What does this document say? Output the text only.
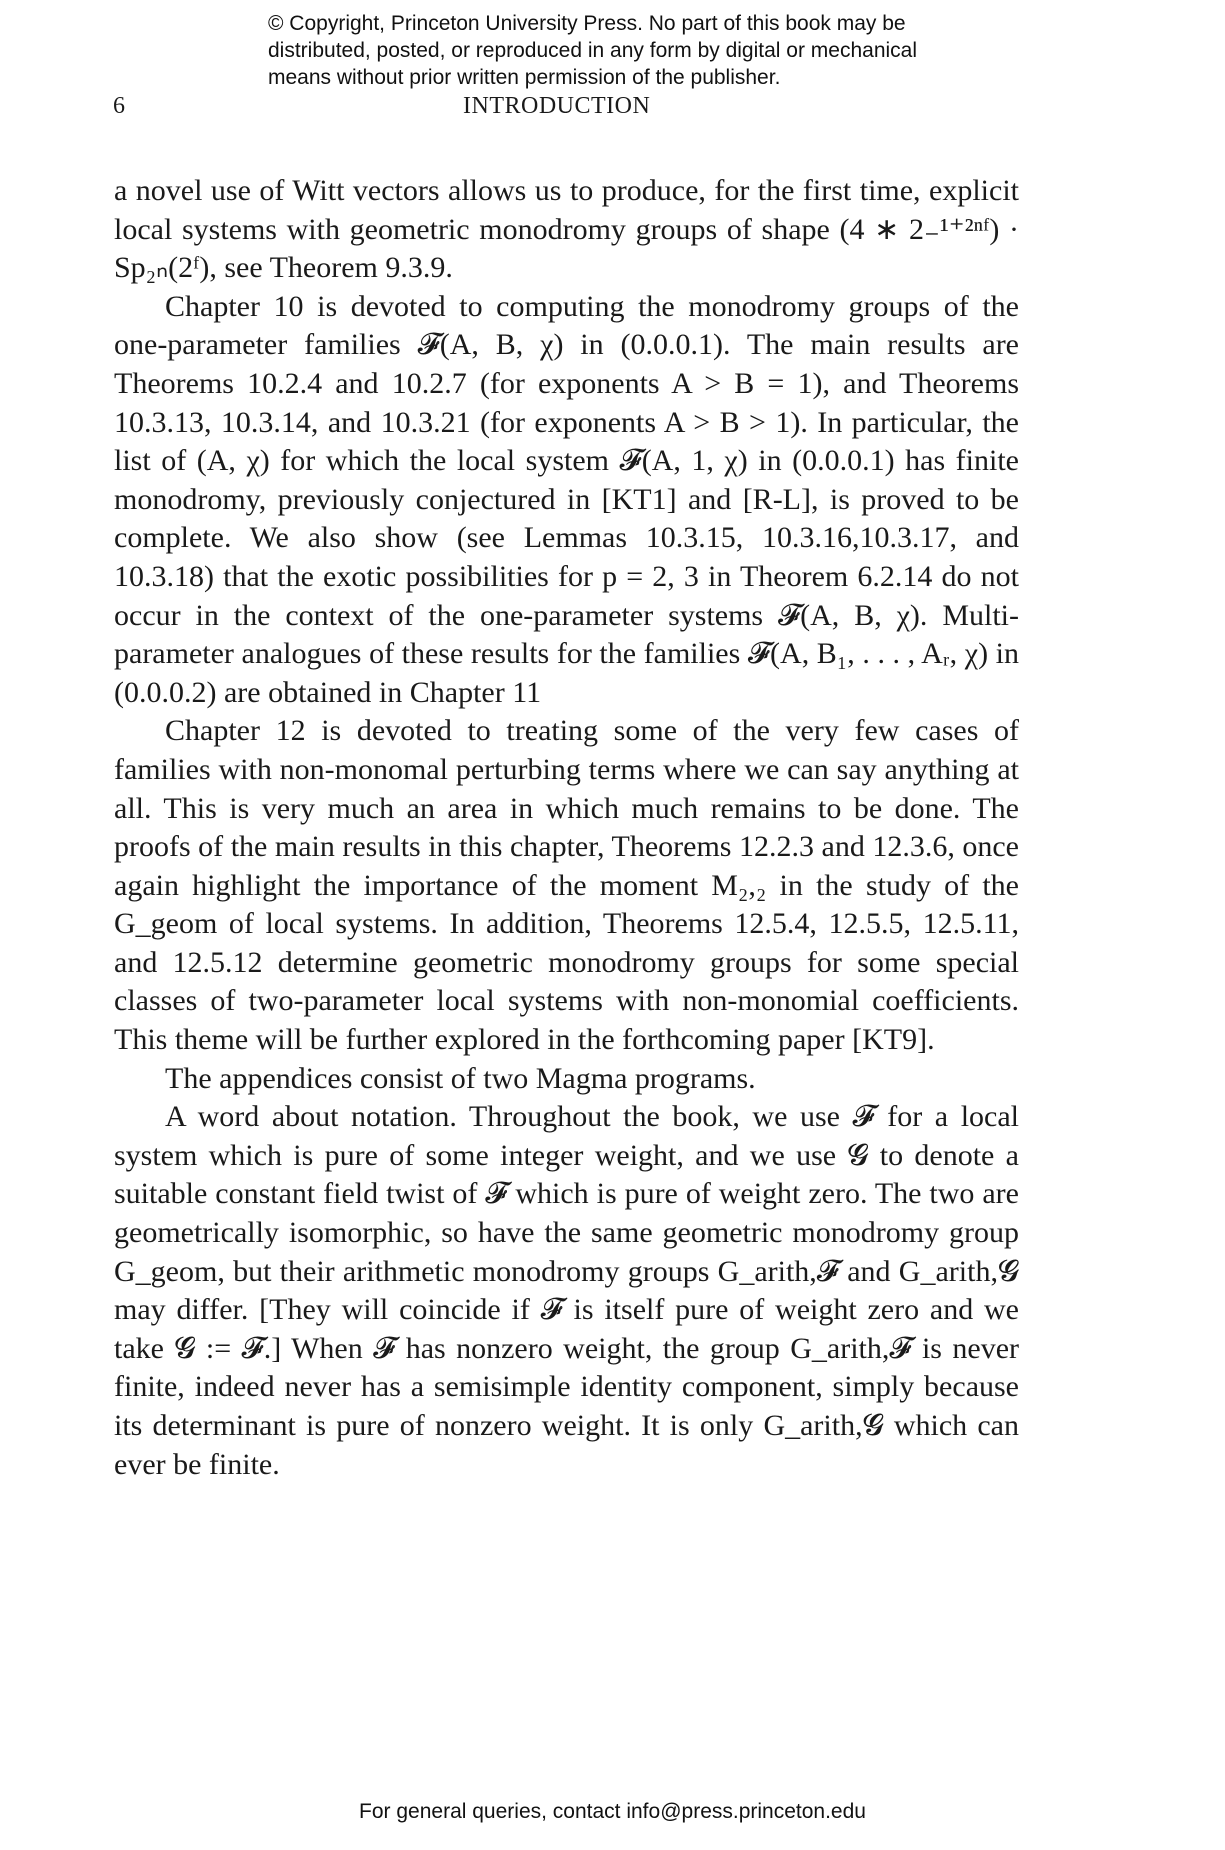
© Copyright, Princeton University Press. No part of this book may be
distributed, posted, or reproduced in any form by digital or mechanical
means without prior written permission of the publisher.
6	INTRODUCTION

a novel use of Witt vectors allows us to produce, for the first time, explicit local systems with geometric monodromy groups of shape (4 ∗ 2₋¹⁺²ⁿᶠ) · Sp₂ₙ(2ᶠ), see Theorem 9.3.9.

Chapter 10 is devoted to computing the monodromy groups of the one-parameter families 𝓕(A, B, χ) in (0.0.0.1). The main results are Theorems 10.2.4 and 10.2.7 (for exponents A > B = 1), and Theorems 10.3.13, 10.3.14, and 10.3.21 (for exponents A > B > 1). In particular, the list of (A, χ) for which the local system 𝓕(A, 1, χ) in (0.0.0.1) has finite monodromy, previously conjectured in [KT1] and [R-L], is proved to be complete. We also show (see Lemmas 10.3.15, 10.3.16,10.3.17, and 10.3.18) that the exotic possibilities for p = 2, 3 in Theorem 6.2.14 do not occur in the context of the one-parameter systems 𝓕(A, B, χ). Multi-parameter analogues of these results for the families 𝓕(A, B₁, . . . , Aᵣ, χ) in (0.0.0.2) are obtained in Chapter 11

Chapter 12 is devoted to treating some of the very few cases of families with non-monomal perturbing terms where we can say anything at all. This is very much an area in which much remains to be done. The proofs of the main results in this chapter, Theorems 12.2.3 and 12.3.6, once again highlight the importance of the moment M₂,₂ in the study of the G_geom of local systems. In addition, Theorems 12.5.4, 12.5.5, 12.5.11, and 12.5.12 determine geometric monodromy groups for some special classes of two-parameter local systems with non-monomial coefficients. This theme will be further explored in the forthcoming paper [KT9].

The appendices consist of two Magma programs.

A word about notation. Throughout the book, we use 𝓕 for a local system which is pure of some integer weight, and we use 𝓖 to denote a suitable constant field twist of 𝓕 which is pure of weight zero. The two are geometrically isomorphic, so have the same geometric monodromy group G_geom, but their arithmetic monodromy groups G_arith,𝓕 and G_arith,𝓖 may differ. [They will coincide if 𝓕 is itself pure of weight zero and we take 𝓖 := 𝓕.] When 𝓕 has nonzero weight, the group G_arith,𝓕 is never finite, indeed never has a semisimple identity component, simply because its determinant is pure of nonzero weight. It is only G_arith,𝓖 which can ever be finite.

For general queries, contact info@press.princeton.edu
